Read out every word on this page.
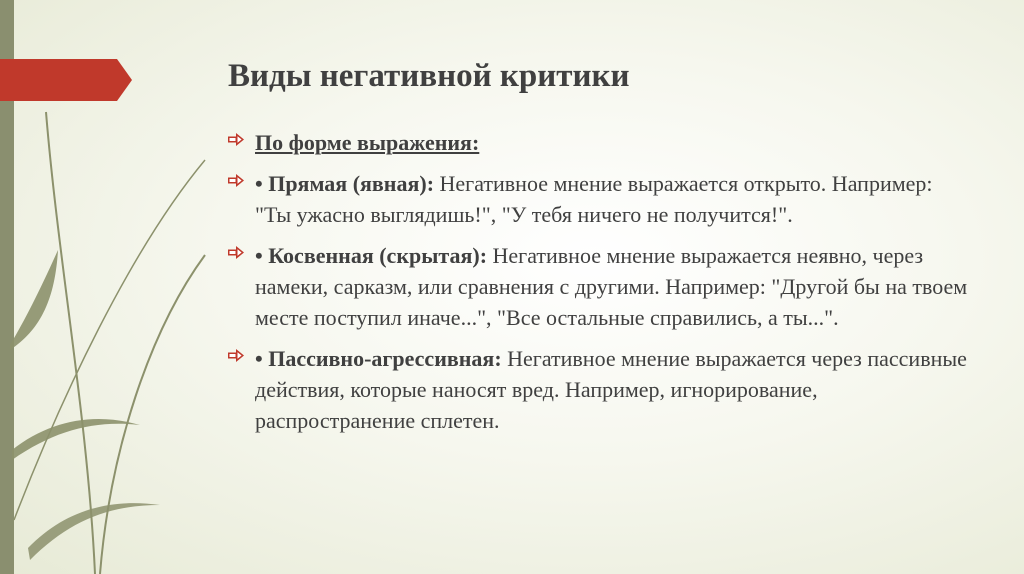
Виды негативной критики
По форме выражения:
• Прямая (явная): Негативное мнение выражается открыто. Например: "Ты ужасно выглядишь!", "У тебя ничего не получится!".
• Косвенная (скрытая): Негативное мнение выражается неявно, через намеки, сарказм, или сравнения с другими. Например: "Другой бы на твоем месте поступил иначе...", "Все остальные справились, а ты...".
• Пассивно-агрессивная: Негативное мнение выражается через пассивные действия, которые наносят вред. Например, игнорирование, распространение сплетен.
